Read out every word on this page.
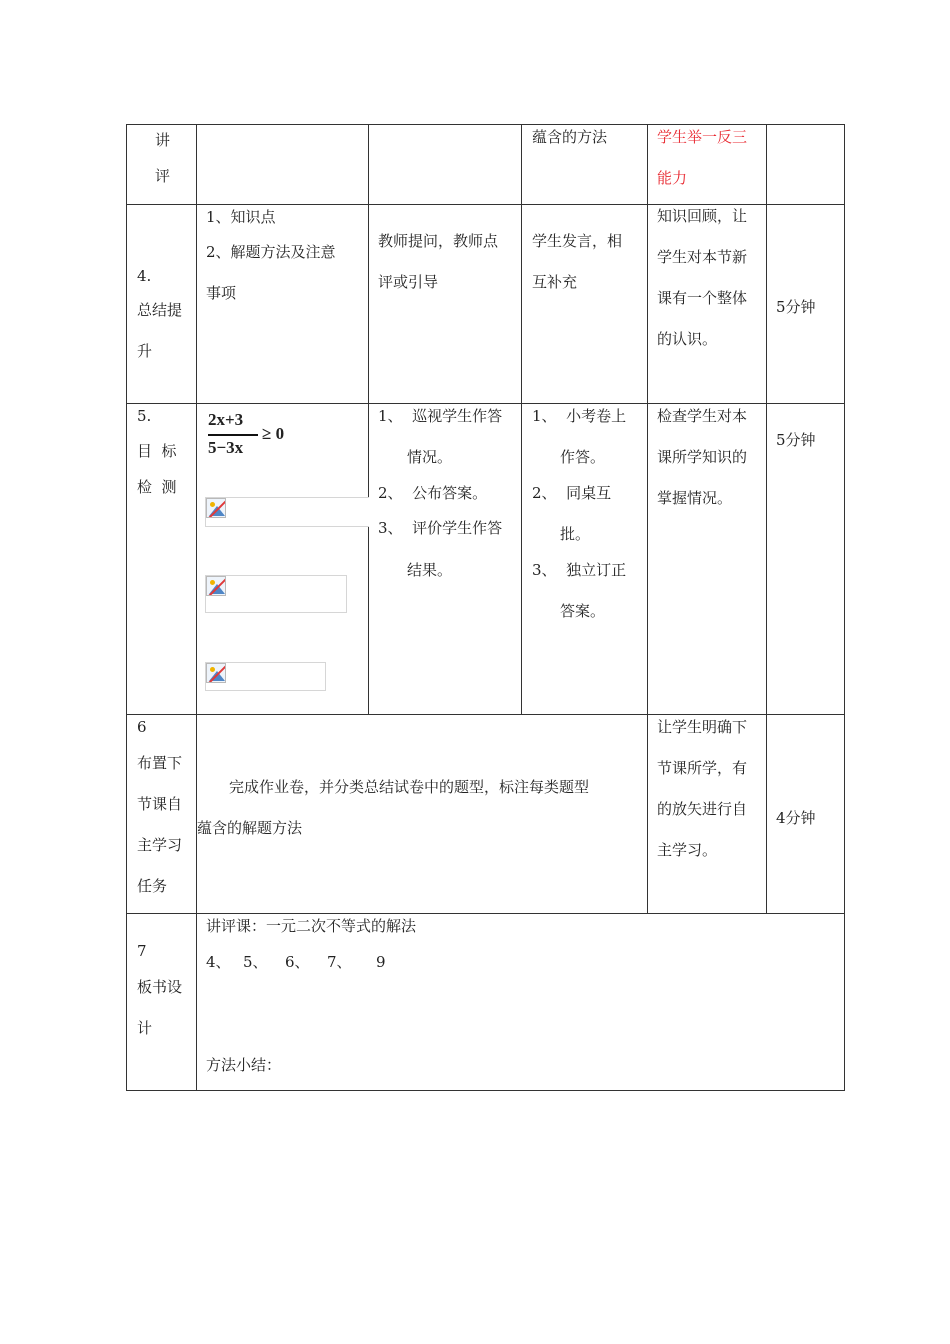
讲
评
蕴含的方法	学生举一反三
能力
4.
总结提
升
1、知识点
2、解题方法及注意
事项
教师提问，教师点
评或引导
学生发言，相
互补充
知识回顾，让
学生对本节新
课有一个整体
的认识。
5分钟
5.
目  标
检  测
2x+3
5−3x
≥ 0
1、  巡视学生作答
情况。
2、  公布答案。
3、  评价学生作答
结果。
1、  小考卷上
作答。
2、  同桌互
批。
3、  独立订正
答案。
检查学生对本
课所学知识的
掌握情况。
5分钟
6
布置下
节课自
主学习
任务
完成作业卷，并分类总结试卷中的题型，标注每类题型
蕴含的解题方法
让学生明确下
节课所学，有
的放矢进行自
主学习。
4分钟
7
板书设
计
讲评课：一元二次不等式的解法
4、 5、 6、 7、 9
方法小结：
